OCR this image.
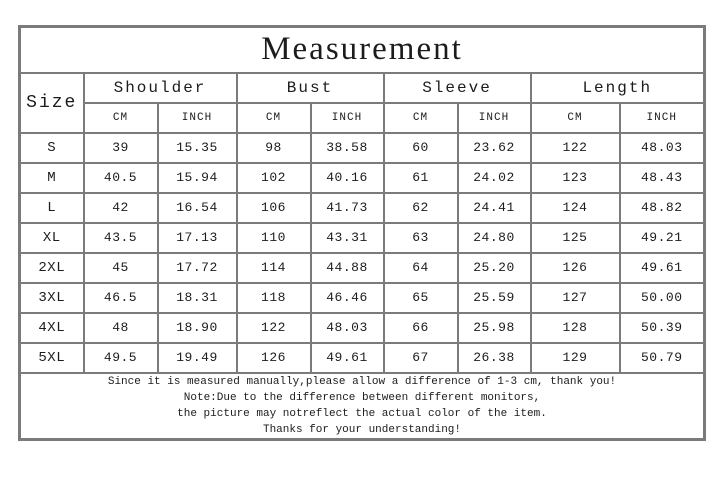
Measurement								
Size	Shoulder		Bust		Sleeve		Length	
	CM	INCH	CM	INCH	CM	INCH	CM	INCH
S	39	15.35	98	38.58	60	23.62	122	48.03
M	40.5	15.94	102	40.16	61	24.02	123	48.43
L	42	16.54	106	41.73	62	24.41	124	48.82
XL	43.5	17.13	110	43.31	63	24.80	125	49.21
2XL	45	17.72	114	44.88	64	25.20	126	49.61
3XL	46.5	18.31	118	46.46	65	25.59	127	50.00
4XL	48	18.90	122	48.03	66	25.98	128	50.39
5XL	49.5	19.49	126	49.61	67	26.38	129	50.79

Since it is measured manually,please allow a difference of 1-3 cm, thank you!

Note:Due to the difference between different monitors,

the picture may notreflect the actual color of the item.

Thanks for your understanding!								
